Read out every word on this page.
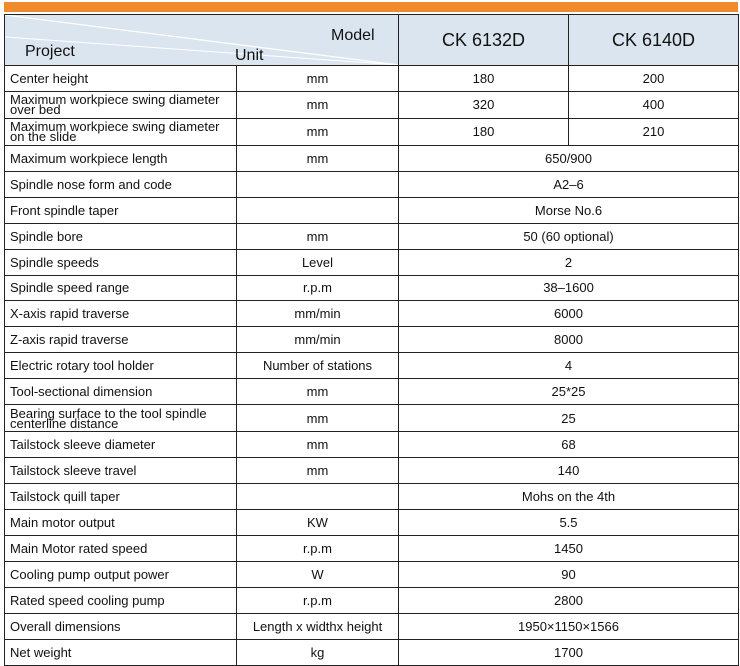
Project Unit
Model		CK 6132D	CK 6140D
Center height	mm	180	200
Maximum workpiece swing diameter over bed	mm	320	400
Maximum workpiece swing diameter on the slide	mm	180	210
Maximum workpiece length	mm	650/900	
Spindle nose form and code		A2–6	
Front spindle taper		Morse No.6	
Spindle bore	mm	50 (60 optional)	
Spindle speeds	Level	2	
Spindle speed range	r.p.m	38–1600	
X-axis rapid traverse	mm/min	6000	
Z-axis rapid traverse	mm/min	8000	
Electric rotary tool holder	Number of stations	4	
Tool-sectional dimension	mm	25*25	
Bearing surface to the tool spindle centerline distance	mm	25	
Tailstock sleeve diameter	mm	68	
Tailstock sleeve travel	mm	140	
Tailstock quill taper		Mohs on the 4th	
Main motor output	KW	5.5	
Main Motor rated speed	r.p.m	1450	
Cooling pump output power	W	90	
Rated speed cooling pump	r.p.m	2800	
Overall dimensions	Length x widthx height	1950×1150×1566	
Net weight	kg	1700	
